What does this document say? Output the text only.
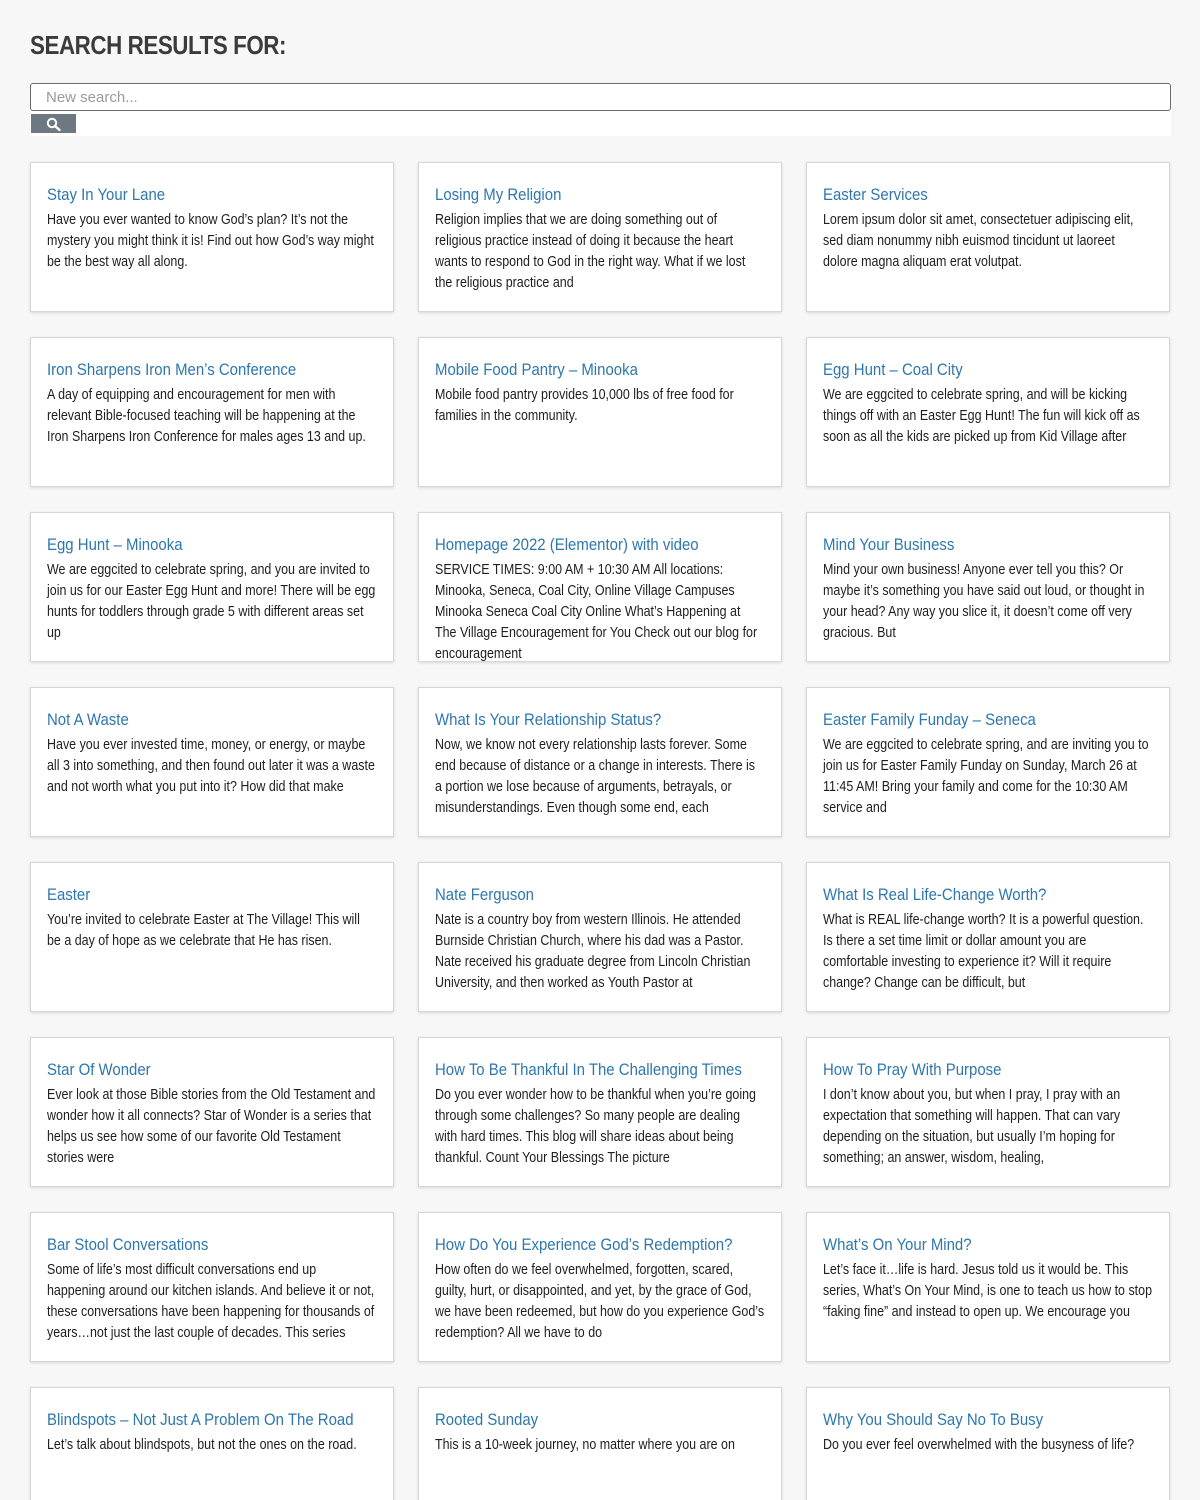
SEARCH RESULTS FOR:
New search...
Stay In Your Lane

Have you ever wanted to know God’s plan? It’s not the mystery you might think it is! Find out how God’s way might be the best way all along.

Losing My Religion

Religion implies that we are doing something out of religious practice instead of doing it because the heart wants to respond to God in the right way. What if we lost the religious practice and

Easter Services

Lorem ipsum dolor sit amet, consectetuer adipiscing elit, sed diam nonummy nibh euismod tincidunt ut laoreet dolore magna aliquam erat volutpat.

Iron Sharpens Iron Men’s Conference

A day of equipping and encouragement for men with relevant Bible-focused teaching will be happening at the Iron Sharpens Iron Conference for males ages 13 and up.

Mobile Food Pantry – Minooka

Mobile food pantry provides 10,000 lbs of free food for families in the community.

Egg Hunt – Coal City

We are eggcited to celebrate spring, and will be kicking things off with an Easter Egg Hunt! The fun will kick off as soon as all the kids are picked up from Kid Village after

Egg Hunt – Minooka

We are eggcited to celebrate spring, and you are invited to join us for our Easter Egg Hunt and more! There will be egg hunts for toddlers through grade 5 with different areas set up

Homepage 2022 (Elementor) with video

SERVICE TIMES: 9:00 AM + 10:30 AM All locations: Minooka, Seneca, Coal City, Online Village Campuses Minooka Seneca Coal City Online What’s Happening at The Village Encouragement for You Check out our blog for encouragement

Mind Your Business

Mind your own business! Anyone ever tell you this? Or maybe it’s something you have said out loud, or thought in your head? Any way you slice it, it doesn’t come off very gracious. But

Not A Waste

Have you ever invested time, money, or energy, or maybe all 3 into something, and then found out later it was a waste and not worth what you put into it? How did that make

What Is Your Relationship Status?

Now, we know not every relationship lasts forever. Some end because of distance or a change in interests. There is a portion we lose because of arguments, betrayals, or misunderstandings. Even though some end, each

Easter Family Funday – Seneca

We are eggcited to celebrate spring, and are inviting you to join us for Easter Family Funday on Sunday, March 26 at 11:45 AM! Bring your family and come for the 10:30 AM service and

Easter

You’re invited to celebrate Easter at The Village! This will be a day of hope as we celebrate that He has risen.

Nate Ferguson

Nate is a country boy from western Illinois. He attended Burnside Christian Church, where his dad was a Pastor. Nate received his graduate degree from Lincoln Christian University, and then worked as Youth Pastor at

What Is Real Life-Change Worth?

What is REAL life-change worth? It is a powerful question. Is there a set time limit or dollar amount you are comfortable investing to experience it? Will it require change? Change can be difficult, but

Star Of Wonder

Ever look at those Bible stories from the Old Testament and wonder how it all connects? Star of Wonder is a series that helps us see how some of our favorite Old Testament stories were

How To Be Thankful In The Challenging Times

Do you ever wonder how to be thankful when you’re going through some challenges? So many people are dealing with hard times. This blog will share ideas about being thankful. Count Your Blessings The picture

How To Pray With Purpose

I don’t know about you, but when I pray, I pray with an expectation that something will happen. That can vary depending on the situation, but usually I’m hoping for something; an answer, wisdom, healing,

Bar Stool Conversations

Some of life’s most difficult conversations end up happening around our kitchen islands. And believe it or not, these conversations have been happening for thousands of years…not just the last couple of decades. This series

How Do You Experience God’s Redemption?

How often do we feel overwhelmed, forgotten, scared, guilty, hurt, or disappointed, and yet, by the grace of God, we have been redeemed, but how do you experience God’s redemption? All we have to do

What’s On Your Mind?

Let’s face it…life is hard. Jesus told us it would be. This series, What’s On Your Mind, is one to teach us how to stop “faking fine” and instead to open up. We encourage you

Blindspots – Not Just A Problem On The Road

Let’s talk about blindspots, but not the ones on the road.

Rooted Sunday

This is a 10-week journey, no matter where you are on

Why You Should Say No To Busy

Do you ever feel overwhelmed with the busyness of life?
